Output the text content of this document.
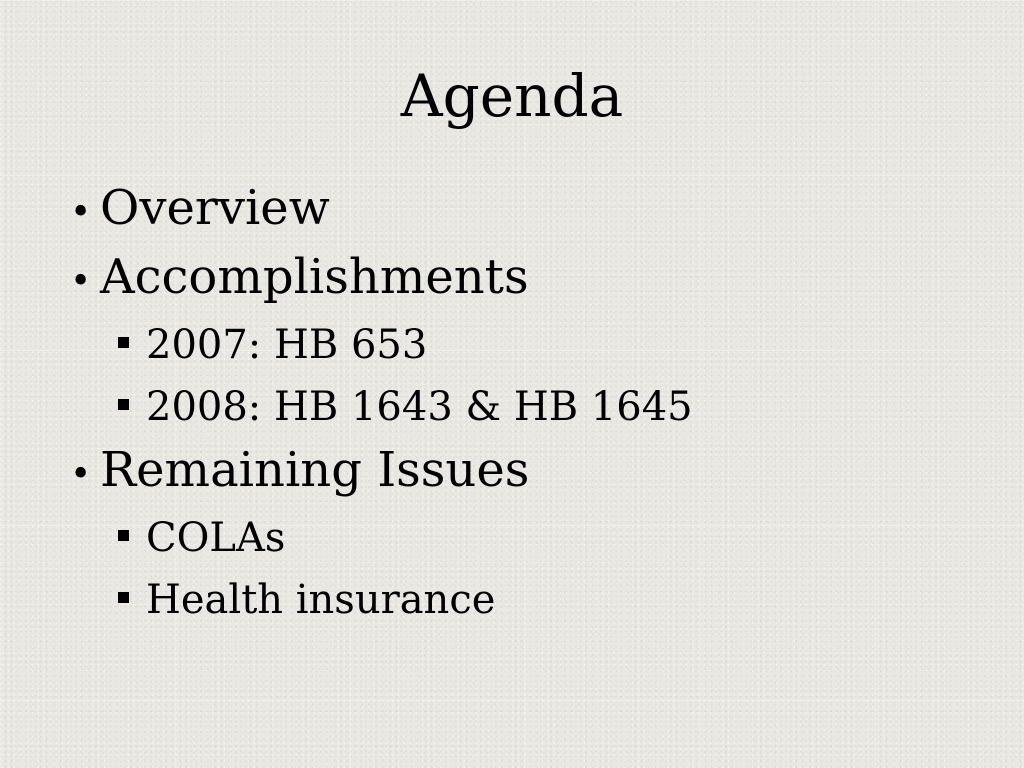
Agenda
• Overview
• Accomplishments
2007: HB 653
2008: HB 1643 & HB 1645
• Remaining Issues
COLAs
Health insurance
